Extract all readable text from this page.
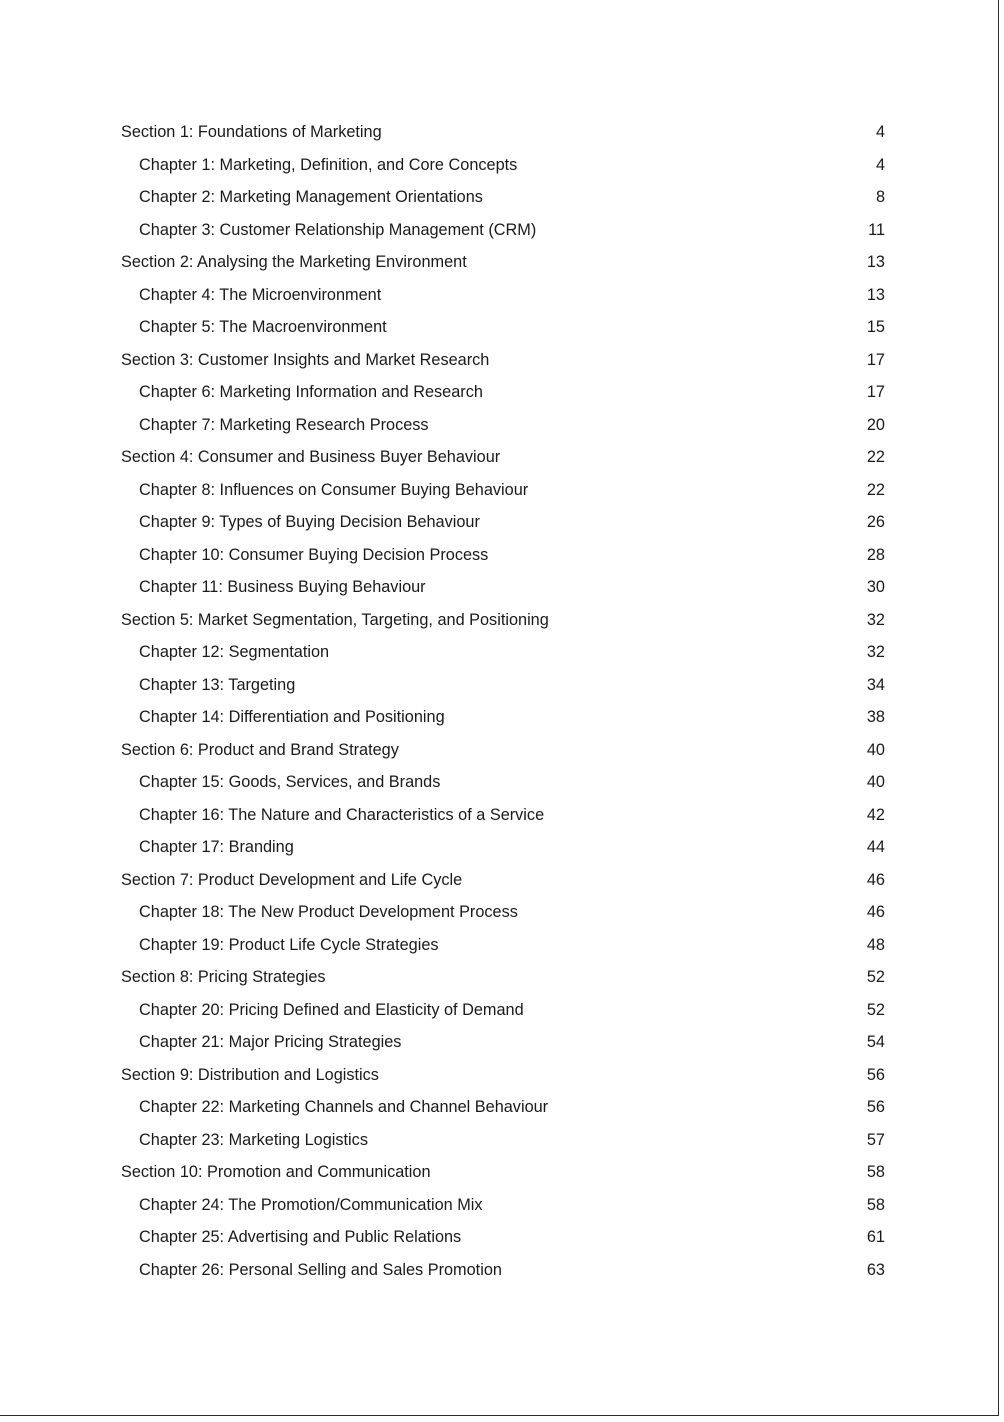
Section 1: Foundations of Marketing .....	4
Chapter 1: Marketing, Definition, and Core Concepts .....	4
Chapter 2: Marketing Management Orientations .....	8
Chapter 3: Customer Relationship Management (CRM) .....	11
Section 2: Analysing the Marketing Environment .....	13
Chapter 4: The Microenvironment .....	13
Chapter 5: The Macroenvironment .....	15
Section 3: Customer Insights and Market Research .....	17
Chapter 6: Marketing Information and Research .....	17
Chapter 7: Marketing Research Process .....	20
Section 4: Consumer and Business Buyer Behaviour .....	22
Chapter 8: Influences on Consumer Buying Behaviour .....	22
Chapter 9: Types of Buying Decision Behaviour .....	26
Chapter 10: Consumer Buying Decision Process .....	28
Chapter 11: Business Buying Behaviour .....	30
Section 5: Market Segmentation, Targeting, and Positioning .....	32
Chapter 12: Segmentation .....	32
Chapter 13: Targeting .....	34
Chapter 14: Differentiation and Positioning .....	38
Section 6: Product and Brand Strategy .....	40
Chapter 15: Goods, Services, and Brands .....	40
Chapter 16: The Nature and Characteristics of a Service .....	42
Chapter 17: Branding .....	44
Section 7: Product Development and Life Cycle .....	46
Chapter 18: The New Product Development Process .....	46
Chapter 19: Product Life Cycle Strategies .....	48
Section 8: Pricing Strategies .....	52
Chapter 20: Pricing Defined and Elasticity of Demand .....	52
Chapter 21: Major Pricing Strategies .....	54
Section 9: Distribution and Logistics .....	56
Chapter 22: Marketing Channels and Channel Behaviour .....	56
Chapter 23: Marketing Logistics .....	57
Section 10: Promotion and Communication .....	58
Chapter 24: The Promotion/Communication Mix .....	58
Chapter 25: Advertising and Public Relations .....	61
Chapter 26: Personal Selling and Sales Promotion .....	63
